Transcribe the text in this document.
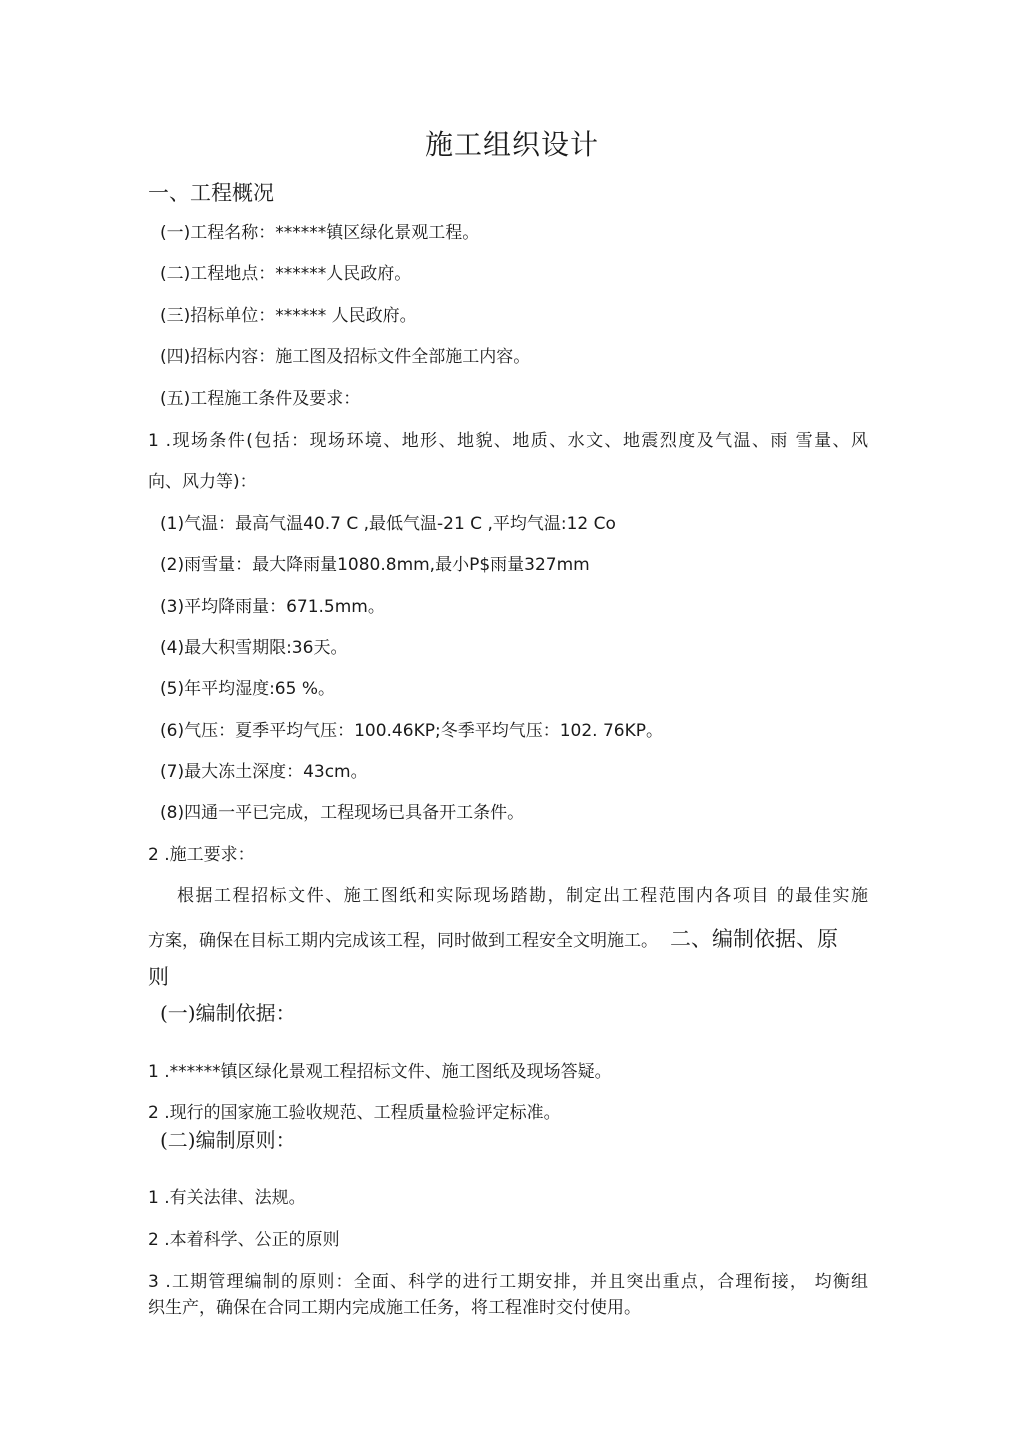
施工组织设计

一、工程概况

(一)工程名称：******镇区绿化景观工程。

(二)工程地点：******人民政府。

(三)招标单位：****** 人民政府。

(四)招标内容：施工图及招标文件全部施工内容。

(五)工程施工条件及要求：

1 .现场条件(包括：现场环境、地形、地貌、地质、水文、地震烈度及气温、雨 雪量、风

向、风力等)：

(1)气温：最高气温40.7 C ,最低气温-21 C ,平均气温:12 Co

(2)雨雪量：最大降雨量1080.8mm,最小P$雨量327mm

(3)平均降雨量：671.5mm。

(4)最大积雪期限:36天。

(5)年平均湿度:65 %。

(6)气压：夏季平均气压：100.46KP;冬季平均气压：102. 76KP。

(7)最大冻土深度：43cm。

(8)四通一平已完成，工程现场已具备开工条件。

2 .施工要求：

根据工程招标文件、施工图纸和实际现场踏勘，制定出工程范围内各项目 的最佳实施

方案，确保在目标工期内完成该工程，同时做到工程安全文明施工。 二、编制依据、原

则

(一)编制依据：

1 .******镇区绿化景观工程招标文件、施工图纸及现场答疑。

2 .现行的国家施工验收规范、工程质量检验评定标准。

(二)编制原则：

1 .有关法律、法规。

2 .本着科学、公正的原则

3 .工期管理编制的原则：全面、科学的进行工期安排，并且突出重点，合理衔接， 均衡组

织生产，确保在合同工期内完成施工任务，将工程准时交付使用。
